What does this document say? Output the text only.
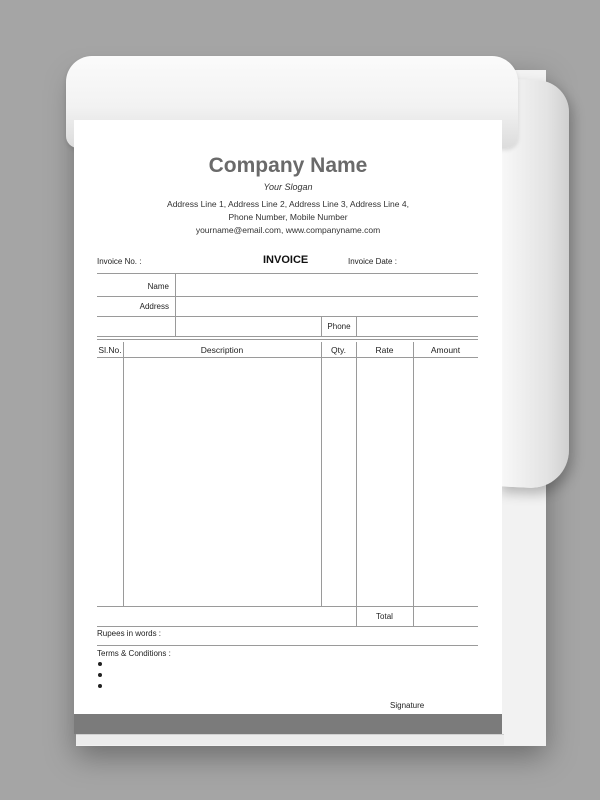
Company Name
Your Slogan
Address Line 1, Address Line 2, Address Line 3, Address Line 4,
Phone Number, Mobile Number
yourname@email.com, www.companyname.com
Invoice No. :	INVOICE	Invoice Date :
Name
Address
Phone
Sl.No.	Description	Qty.	Rate	Amount
Total
Rupees in words :
Terms & Conditions :
Signature
